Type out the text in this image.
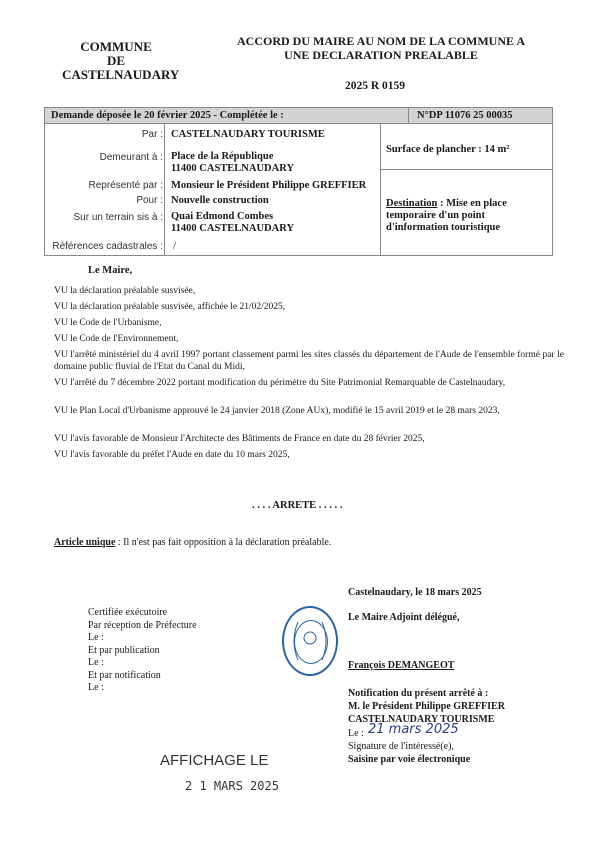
COMMUNE
DE
CASTELNAUDARY
ACCORD DU MAIRE AU NOM DE LA COMMUNE A
UNE DECLARATION PREALABLE
2025 R 0159
Demande déposée le 20 février 2025 - Complétée le :	N°DP 11076 25 00035
Par : CASTELNAUDARY TOURISME
Demeurant à : Place de la République
11400 CASTELNAUDARY
Représenté par : Monsieur le Président Philippe GREFFIER
Pour : Nouvelle construction
Sur un terrain sis à : Quai Edmond Combes
11400 CASTELNAUDARY
Références cadastrales : /
Surface de plancher : 14 m²
Destination : Mise en place temporaire d'un point d'information touristique
Le Maire,
VU la déclaration préalable susvisée,
VU la déclaration préalable susvisée, affichée le 21/02/2025,
VU le Code de l'Urbanisme,
VU le Code de l'Environnement,
VU l'arrêté ministériel du 4 avril 1997 portant classement parmi les sites classés du département de l'Aude de l'ensemble formé par le domaine public fluvial de l'Etat du Canal du Midi,
VU l'arrêté du 7 décembre 2022 portant modification du périmètre du Site Patrimonial Remarquable de Castelnaudary,
VU le Plan Local d'Urbanisme approuvé le 24 janvier 2018 (Zone AUx), modifié le 15 avril 2019 et le 28 mars 2023,
VU l'avis favorable de Monsieur l'Architecte des Bâtiments de France en date du 28 février 2025,
VU l'avis favorable du préfet l'Aude en date du 10 mars 2025,
. . . . ARRETE . . . . .
Article unique : Il n'est pas fait opposition à la déclaration préalable.
Castelnaudary, le 18 mars 2025
Le Maire Adjoint délégué,
François DEMANGEOT
Notification du présent arrêté à :
M. le Président Philippe GREFFIER
CASTELNAUDARY TOURISME
Le : 21 mars 2025
Signature de l'intéressé(e),
Saisine par voie électronique
Certifiée exécutoire
Par réception de Préfecture
Le :
Et par publication
Le :
Et par notification
Le :
AFFICHAGE LE
2 1 MARS 2025
